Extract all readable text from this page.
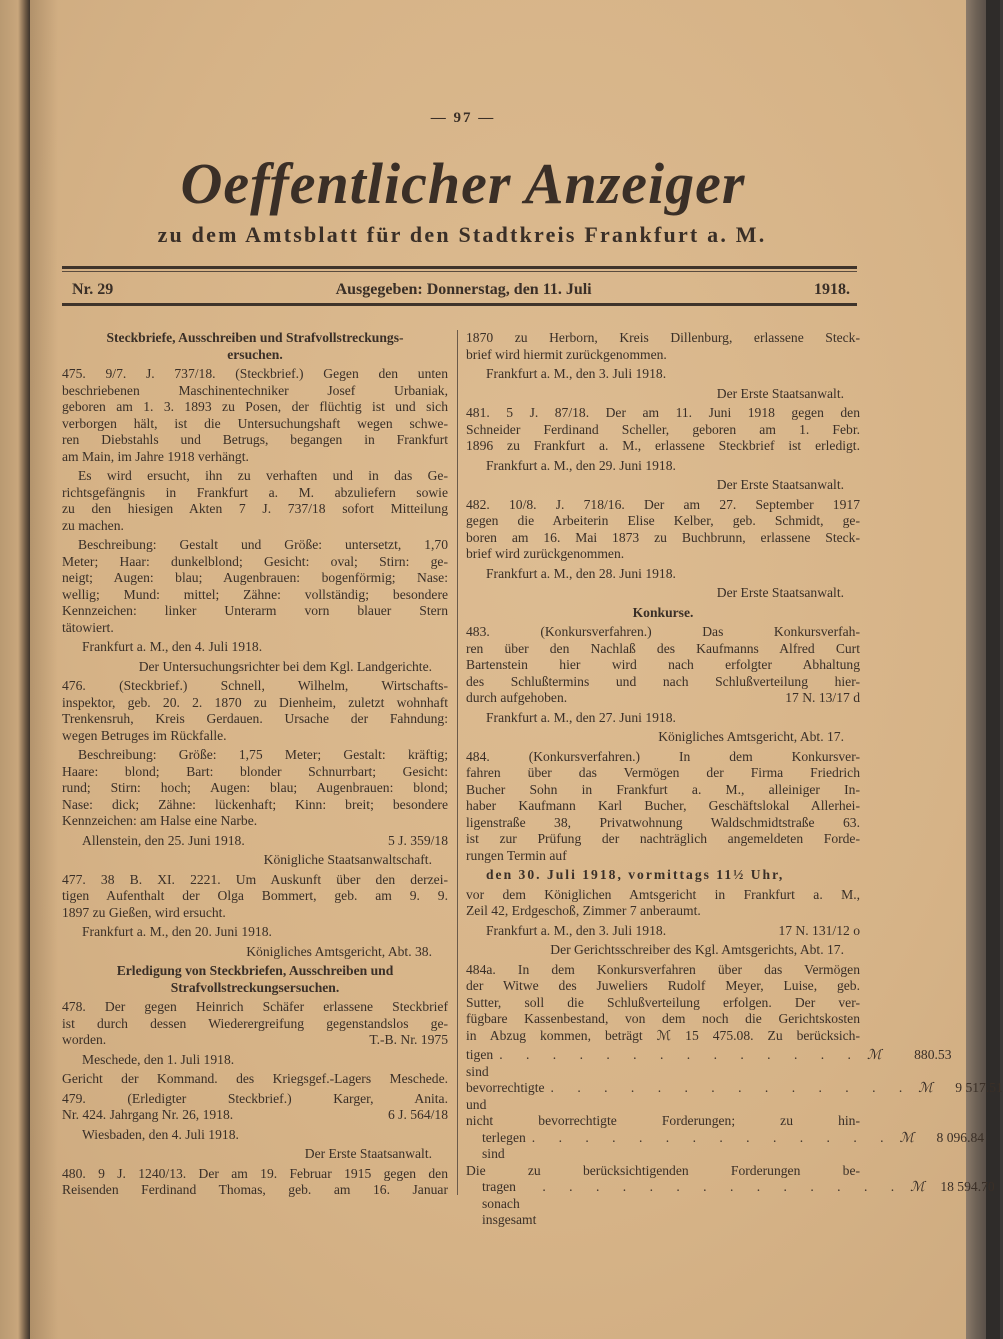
— 97 —
Oeffentlicher Anzeiger
zu dem Amtsblatt für den Stadtkreis Frankfurt a. M.
Nr. 29	Ausgegeben: Donnerstag, den 11. Juli	1918.
Steckbriefe, Ausschreiben und Strafvollstreckungs-
ersuchen.
475. 9/7. J. 737/18. (Steckbrief.) Gegen den unten
beschriebenen Maschinentechniker Josef Urbaniak,
geboren am 1. 3. 1893 zu Posen, der flüchtig ist und sich
verborgen hält, ist die Untersuchungshaft wegen schwe-
ren Diebstahls und Betrugs, begangen in Frankfurt
am Main, im Jahre 1918 verhängt.
Es wird ersucht, ihn zu verhaften und in das Ge-
richtsgefängnis in Frankfurt a. M. abzuliefern sowie
zu den hiesigen Akten 7 J. 737/18 sofort Mitteilung
zu machen.
Beschreibung: Gestalt und Größe: untersetzt, 1,70
Meter; Haar: dunkelblond; Gesicht: oval; Stirn: ge-
neigt; Augen: blau; Augenbrauen: bogenförmig; Nase:
wellig; Mund: mittel; Zähne: vollständig; besondere
Kennzeichen: linker Unterarm vorn blauer Stern
tätowiert.
Frankfurt a. M., den 4. Juli 1918.
Der Untersuchungsrichter bei dem Kgl. Landgerichte.
476. (Steckbrief.) Schnell, Wilhelm, Wirtschafts-
inspektor, geb. 20. 2. 1870 zu Dienheim, zuletzt wohnhaft
Trenkensruh, Kreis Gerdauen. Ursache der Fahndung:
wegen Betruges im Rückfalle.
Beschreibung: Größe: 1,75 Meter; Gestalt: kräftig;
Haare: blond; Bart: blonder Schnurrbart; Gesicht:
rund; Stirn: hoch; Augen: blau; Augenbrauen: blond;
Nase: dick; Zähne: lückenhaft; Kinn: breit; besondere
Kennzeichen: am Halse eine Narbe.
Allenstein, den 25. Juni 1918.	5 J. 359/18
Königliche Staatsanwaltschaft.
477. 38 B. XI. 2221. Um Auskunft über den derzei-
tigen Aufenthalt der Olga Bommert, geb. am 9. 9.
1897 zu Gießen, wird ersucht.
Frankfurt a. M., den 20. Juni 1918.
Königliches Amtsgericht, Abt. 38.
Erledigung von Steckbriefen, Ausschreiben und
Strafvollstreckungsersuchen.
478. Der gegen Heinrich Schäfer erlassene Steckbrief
ist durch dessen Wiederergreifung gegenstandslos ge-
worden.	T.-B. Nr. 1975
Meschede, den 1. Juli 1918.
Gericht der Kommand. des Kriegsgef.-Lagers Meschede.
479. (Erledigter Steckbrief.) Karger, Anita.
Nr. 424. Jahrgang Nr. 26, 1918.	6 J. 564/18
Wiesbaden, den 4. Juli 1918.
Der Erste Staatsanwalt.
480. 9 J. 1240/13. Der am 19. Februar 1915 gegen den
Reisenden Ferdinand Thomas, geb. am 16. Januar
1870 zu Herborn, Kreis Dillenburg, erlassene Steck-
brief wird hiermit zurückgenommen.
Frankfurt a. M., den 3. Juli 1918.
Der Erste Staatsanwalt.
481. 5 J. 87/18. Der am 11. Juni 1918 gegen den
Schneider Ferdinand Scheller, geboren am 1. Febr.
1896 zu Frankfurt a. M., erlassene Steckbrief ist erledigt.
Frankfurt a. M., den 29. Juni 1918.
Der Erste Staatsanwalt.
482. 10/8. J. 718/16. Der am 27. September 1917
gegen die Arbeiterin Elise Kelber, geb. Schmidt, ge-
boren am 16. Mai 1873 zu Buchbrunn, erlassene Steck-
brief wird zurückgenommen.
Frankfurt a. M., den 28. Juni 1918.
Der Erste Staatsanwalt.
Konkurse.
483. (Konkursverfahren.) Das Konkursverfah-
ren über den Nachlaß des Kaufmanns Alfred Curt
Bartenstein hier wird nach erfolgter Abhaltung
des Schlußtermins und nach Schlußverteilung hier-
durch aufgehoben.	17 N. 13/17 d
Frankfurt a. M., den 27. Juni 1918.
Königliches Amtsgericht, Abt. 17.
484. (Konkursverfahren.) In dem Konkursver-
fahren über das Vermögen der Firma Friedrich
Bucher Sohn in Frankfurt a. M., alleiniger In-
haber Kaufmann Karl Bucher, Geschäftslokal Allerhei-
ligenstraße 38, Privatwohnung Waldschmidtstraße 63.
ist zur Prüfung der nachträglich angemeldeten Forde-
rungen Termin auf
den 30. Juli 1918, vormittags 11½ Uhr,
vor dem Königlichen Amtsgericht in Frankfurt a. M.,
Zeil 42, Erdgeschoß, Zimmer 7 anberaumt.
Frankfurt a. M., den 3. Juli 1918.	17 N. 131/12 o
Der Gerichtsschreiber des Kgl. Amtsgerichts, Abt. 17.
484a. In dem Konkursverfahren über das Vermögen
der Witwe des Juweliers Rudolf Meyer, Luise, geb.
Sutter, soll die Schlußverteilung erfolgen. Der ver-
fügbare Kassenbestand, von dem noch die Gerichtskosten
in Abzug kommen, beträgt ℳ 15 475.08. Zu berücksich-
tigen sind
. . . . . . . . . . . . . . ℳ	880.53
bevorrechtigte und
. . . . . . . . . . . . . . ℳ	9 517.51
nicht bevorrechtigte Forderungen; zu hin-
terlegen sind
. . . . . . . . . . . . . . ℳ	8 096.84
Die zu berücksichtigenden Forderungen be-
tragen sonach insgesamt
. . . . . . . . . . . . . . ℳ	18 594.70
